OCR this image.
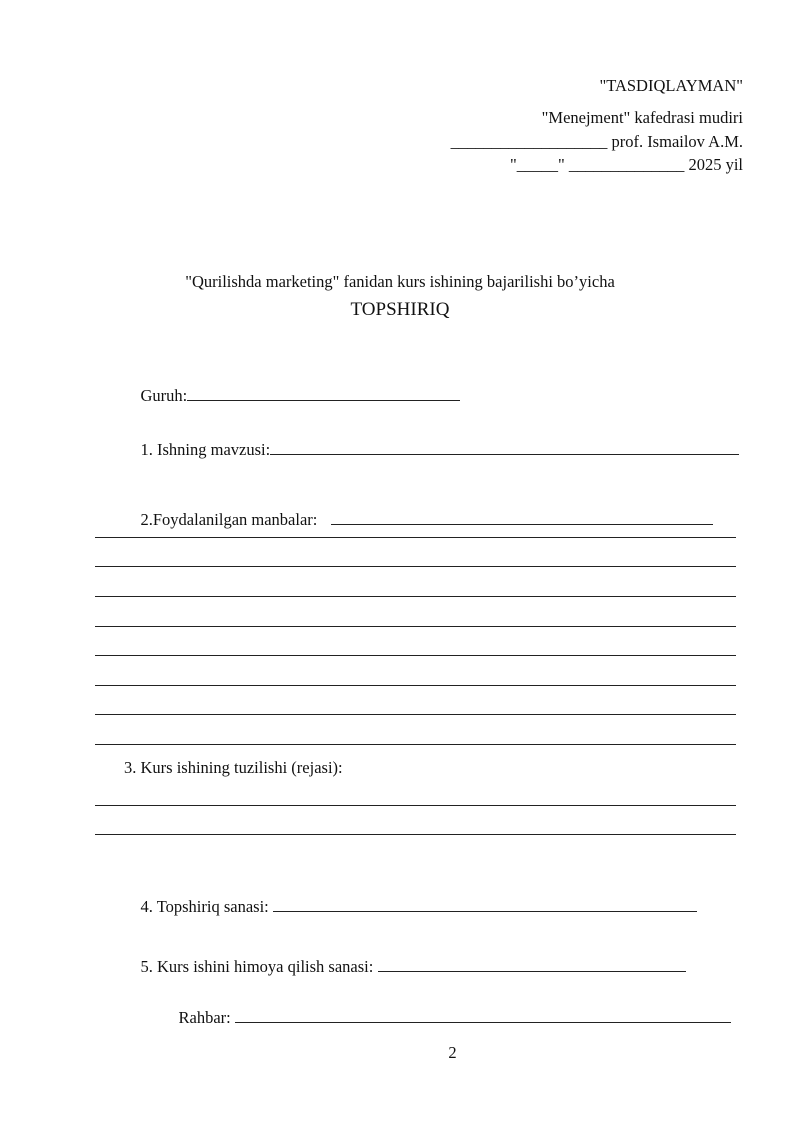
"TASDIQLAYMAN"
"Menejment" kafedrasi mudiri
___________________ prof. Ismailov A.M.
"_____" ______________ 2025 yil
"Qurilishda marketing" fanidan kurs ishining bajarilishi bo’yicha
TOPSHIRIQ

Guruh:

1. Ishning mavzusi:

2.Foydalanilgan manbalar:

3. Kurs ishining tuzilishi (rejasi):

4. Topshiriq sanasi:

5. Kurs ishini himoya qilish sanasi:

Rahbar:

2
